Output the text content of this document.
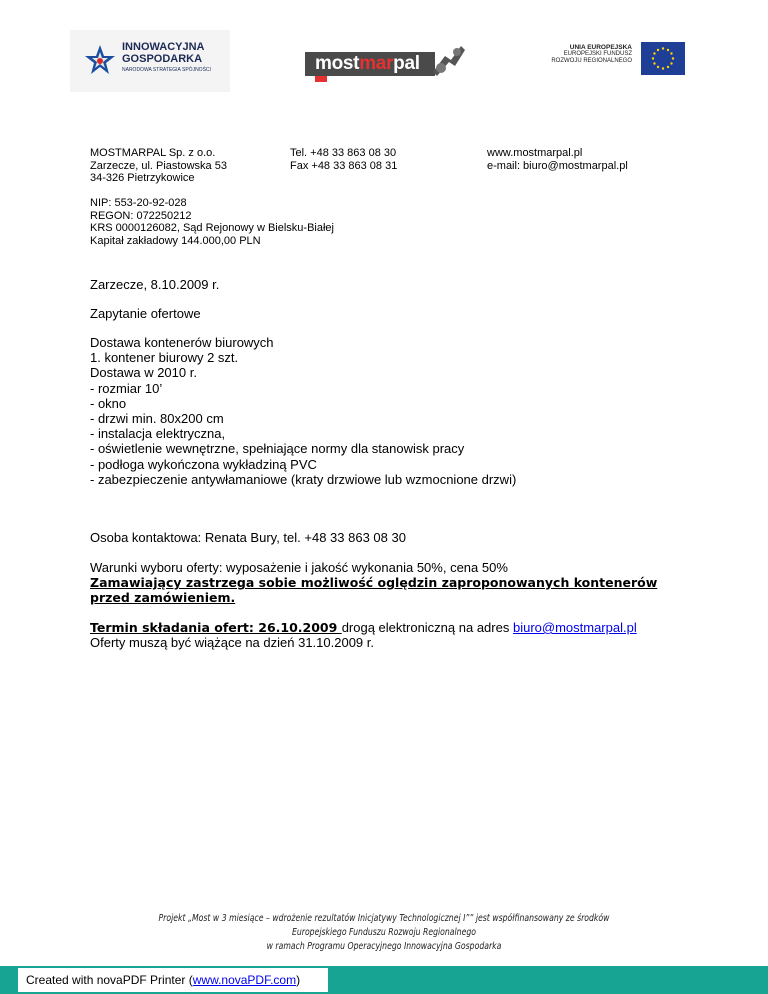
INNOWACYJNA
GOSPODARKA
NARODOWA STRATEGIA SPÓJNOŚCI	mostmarpal
UNIA EUROPEJSKA
EUROPEJSKI FUNDUSZ
ROZWOJU REGIONALNEGO
MOSTMARPAL Sp. z o.o.
Zarzecze, ul. Piastowska 53
34-326 Pietrzykowice
Tel. +48 33 863 08 30
Fax +48 33 863 08 31
www.mostmarpal.pl
e-mail: biuro@mostmarpal.pl
NIP: 553-20-92-028
REGON: 072250212
KRS 0000126082, Sąd Rejonowy w Bielsku-Białej
Kapitał zakładowy 144.000,00 PLN
Zarzecze, 8.10.2009 r.
Zapytanie ofertowe
Dostawa kontenerów biurowych
1. kontener biurowy 2 szt.
Dostawa w 2010 r.
- rozmiar 10’
- okno
- drzwi min. 80x200 cm
- instalacja elektryczna,
- oświetlenie wewnętrzne, spełniające normy dla stanowisk pracy
- podłoga wykończona wykładziną PVC
- zabezpieczenie antywłamaniowe (kraty drzwiowe lub wzmocnione drzwi)
Osoba kontaktowa: Renata Bury, tel. +48 33 863 08 30
Warunki wyboru oferty: wyposażenie i jakość wykonania 50%, cena 50%
Zamawiający zastrzega sobie możliwość oględzin zaproponowanych kontenerów
przed zamówieniem.
Termin składania ofert: 26.10.2009 drogą elektroniczną na adres biuro@mostmarpal.pl
Oferty muszą być wiążące na dzień 31.10.2009 r.
Projekt „Most w 3 miesiące – wdrożenie rezultatów Inicjatywy Technologicznej I”” jest współfinansowany ze środków
Europejskiego Funduszu Rozwoju Regionalnego
w ramach Programu Operacyjnego Innowacyjna Gospodarka
Created with novaPDF Printer (www.novaPDF.com)
